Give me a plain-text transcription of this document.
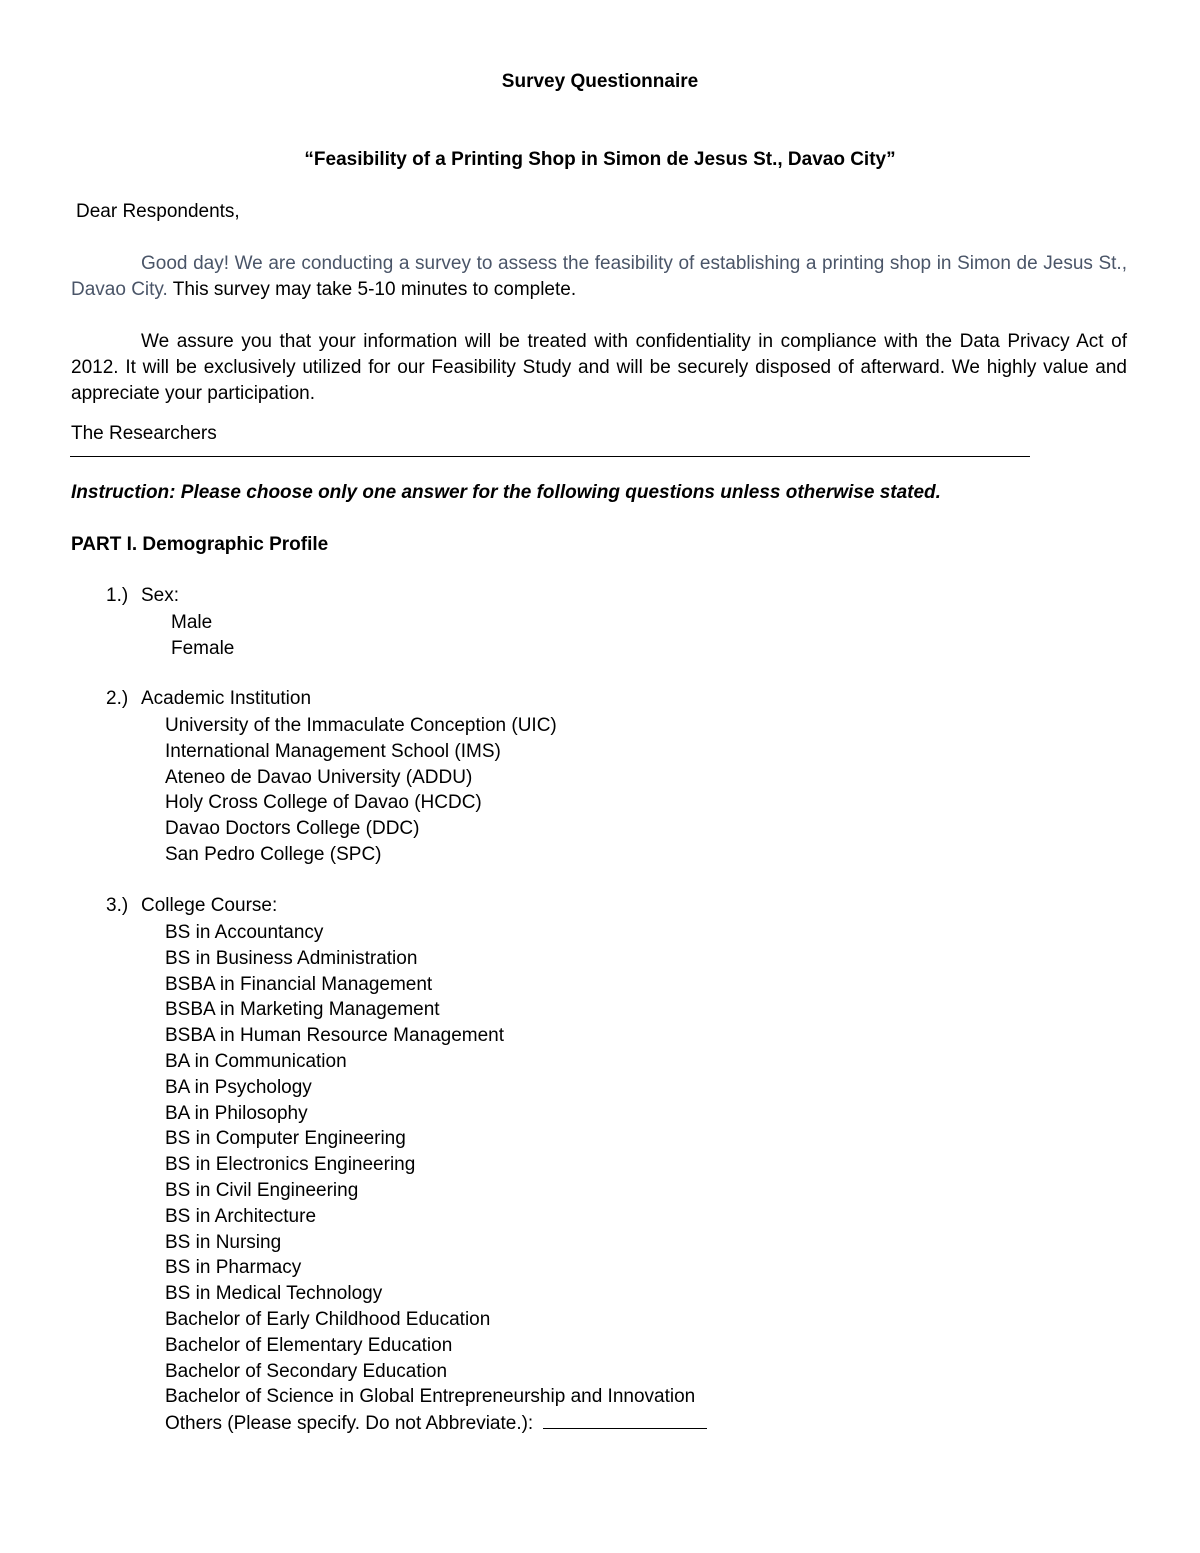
Survey Questionnaire
“Feasibility of a Printing Shop in Simon de Jesus St., Davao City”

Dear Respondents,

Good day! We are conducting a survey to assess the feasibility of establishing a printing shop in Simon de Jesus St., Davao City. This survey may take 5-10 minutes to complete.

We assure you that your information will be treated with confidentiality in compliance with the Data Privacy Act of 2012. It will be exclusively utilized for our Feasibility Study and will be securely disposed of afterward. We highly value and appreciate your participation.

The Researchers

Instruction: Please choose only one answer for the following questions unless otherwise stated.

PART I. Demographic Profile

1.) Sex:

Male
Female

2.) Academic Institution

University of the Immaculate Conception (UIC)
International Management School (IMS)
Ateneo de Davao University (ADDU)
Holy Cross College of Davao (HCDC)
Davao Doctors College (DDC)
San Pedro College (SPC)

3.) College Course:

BS in Accountancy
BS in Business Administration
BSBA in Financial Management
BSBA in Marketing Management
BSBA in Human Resource Management
BA in Communication
BA in Psychology
BA in Philosophy
BS in Computer Engineering
BS in Electronics Engineering
BS in Civil Engineering
BS in Architecture
BS in Nursing
BS in Pharmacy
BS in Medical Technology
Bachelor of Early Childhood Education
Bachelor of Elementary Education
Bachelor of Secondary Education
Bachelor of Science in Global Entrepreneurship and Innovation
Others (Please specify. Do not Abbreviate.):
